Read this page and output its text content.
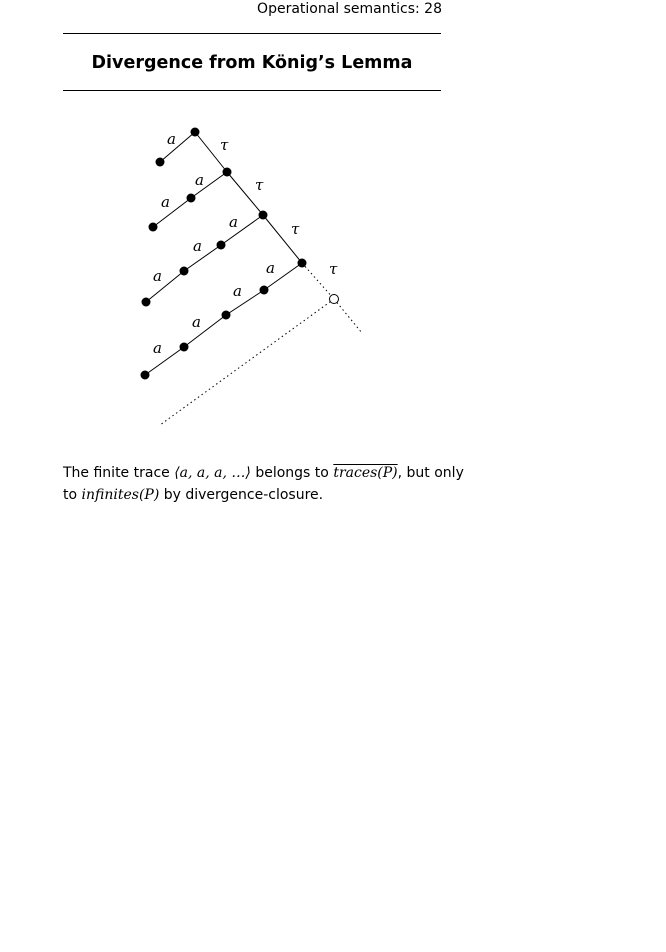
Operational semantics: 28
Divergence from König’s Lemma
a
a
a
a
a
a	a
a
a
a
τ
τ
τ
τ
The finite trace ⟨a, a, a, …⟩ belongs to traces(P), but only
to infinites(P) by divergence-closure.
